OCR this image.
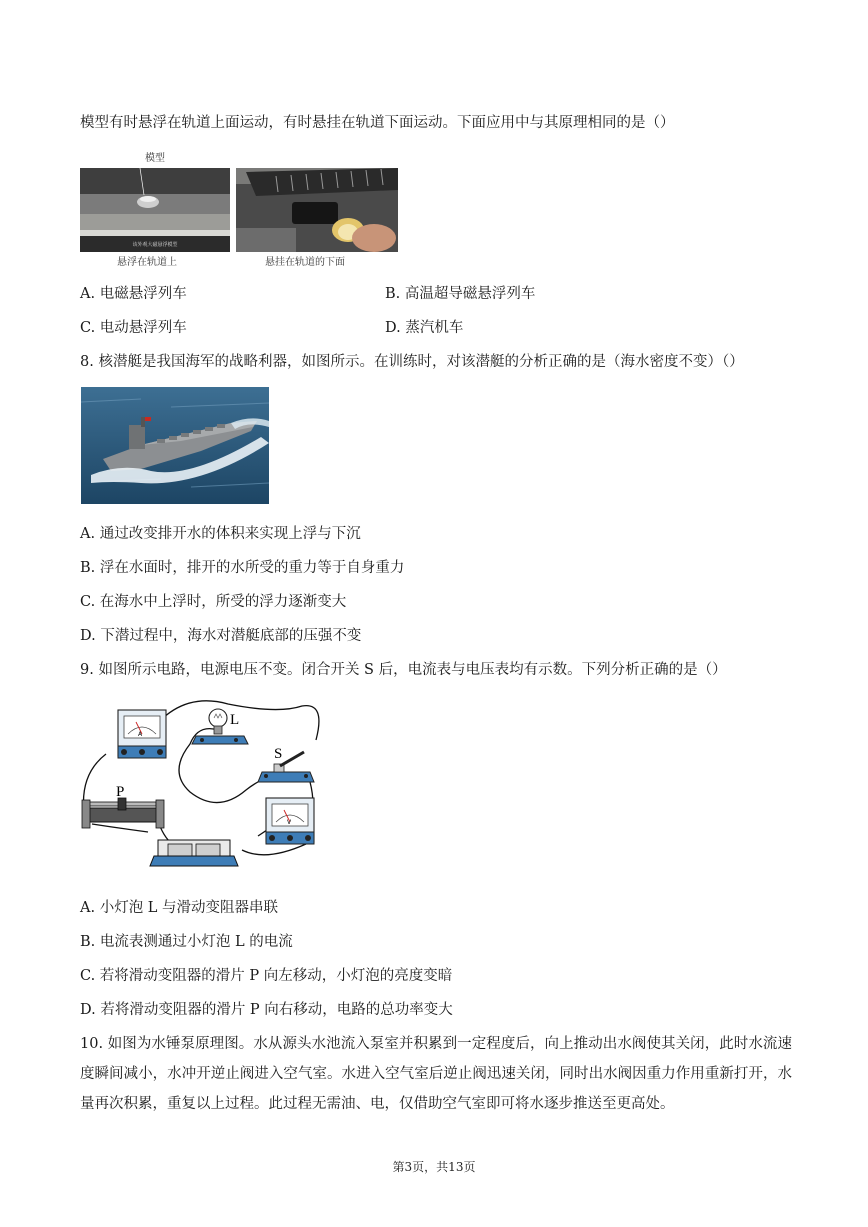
模型有时悬浮在轨道上面运动，有时悬挂在轨道下面运动。下面应用中与其原理相同的是（）
模型
该外观大磁悬浮模型
悬浮在轨道上	悬挂在轨道的下面
A. 电磁悬浮列车	B. 高温超导磁悬浮列车
C. 电动悬浮列车	D. 蒸汽机车
8. 核潜艇是我国海军的战略利器，如图所示。在训练时，对该潜艇的分析正确的是（海水密度不变）（）
A. 通过改变排开水的体积来实现上浮与下沉
B. 浮在水面时，排开的水所受的重力等于自身重力
C. 在海水中上浮时，所受的浮力逐渐变大
D. 下潜过程中，海水对潜艇底部的压强不变
9. 如图所示电路，电源电压不变。闭合开关 S 后，电流表与电压表均有示数。下列分析正确的是（）
A
L
S
P
V
A. 小灯泡 L 与滑动变阻器串联
B. 电流表测通过小灯泡 L 的电流
C. 若将滑动变阻器的滑片 P 向左移动，小灯泡的亮度变暗
D. 若将滑动变阻器的滑片 P 向右移动，电路的总功率变大
10. 如图为水锤泵原理图。水从源头水池流入泵室并积累到一定程度后，向上推动出水阀使其关闭，此时水流速度瞬间减小，水冲开逆止阀进入空气室。水进入空气室后逆止阀迅速关闭，同时出水阀因重力作用重新打开，水量再次积累，重复以上过程。此过程无需油、电，仅借助空气室即可将水逐步推送至更高处。
第3页，共13页
